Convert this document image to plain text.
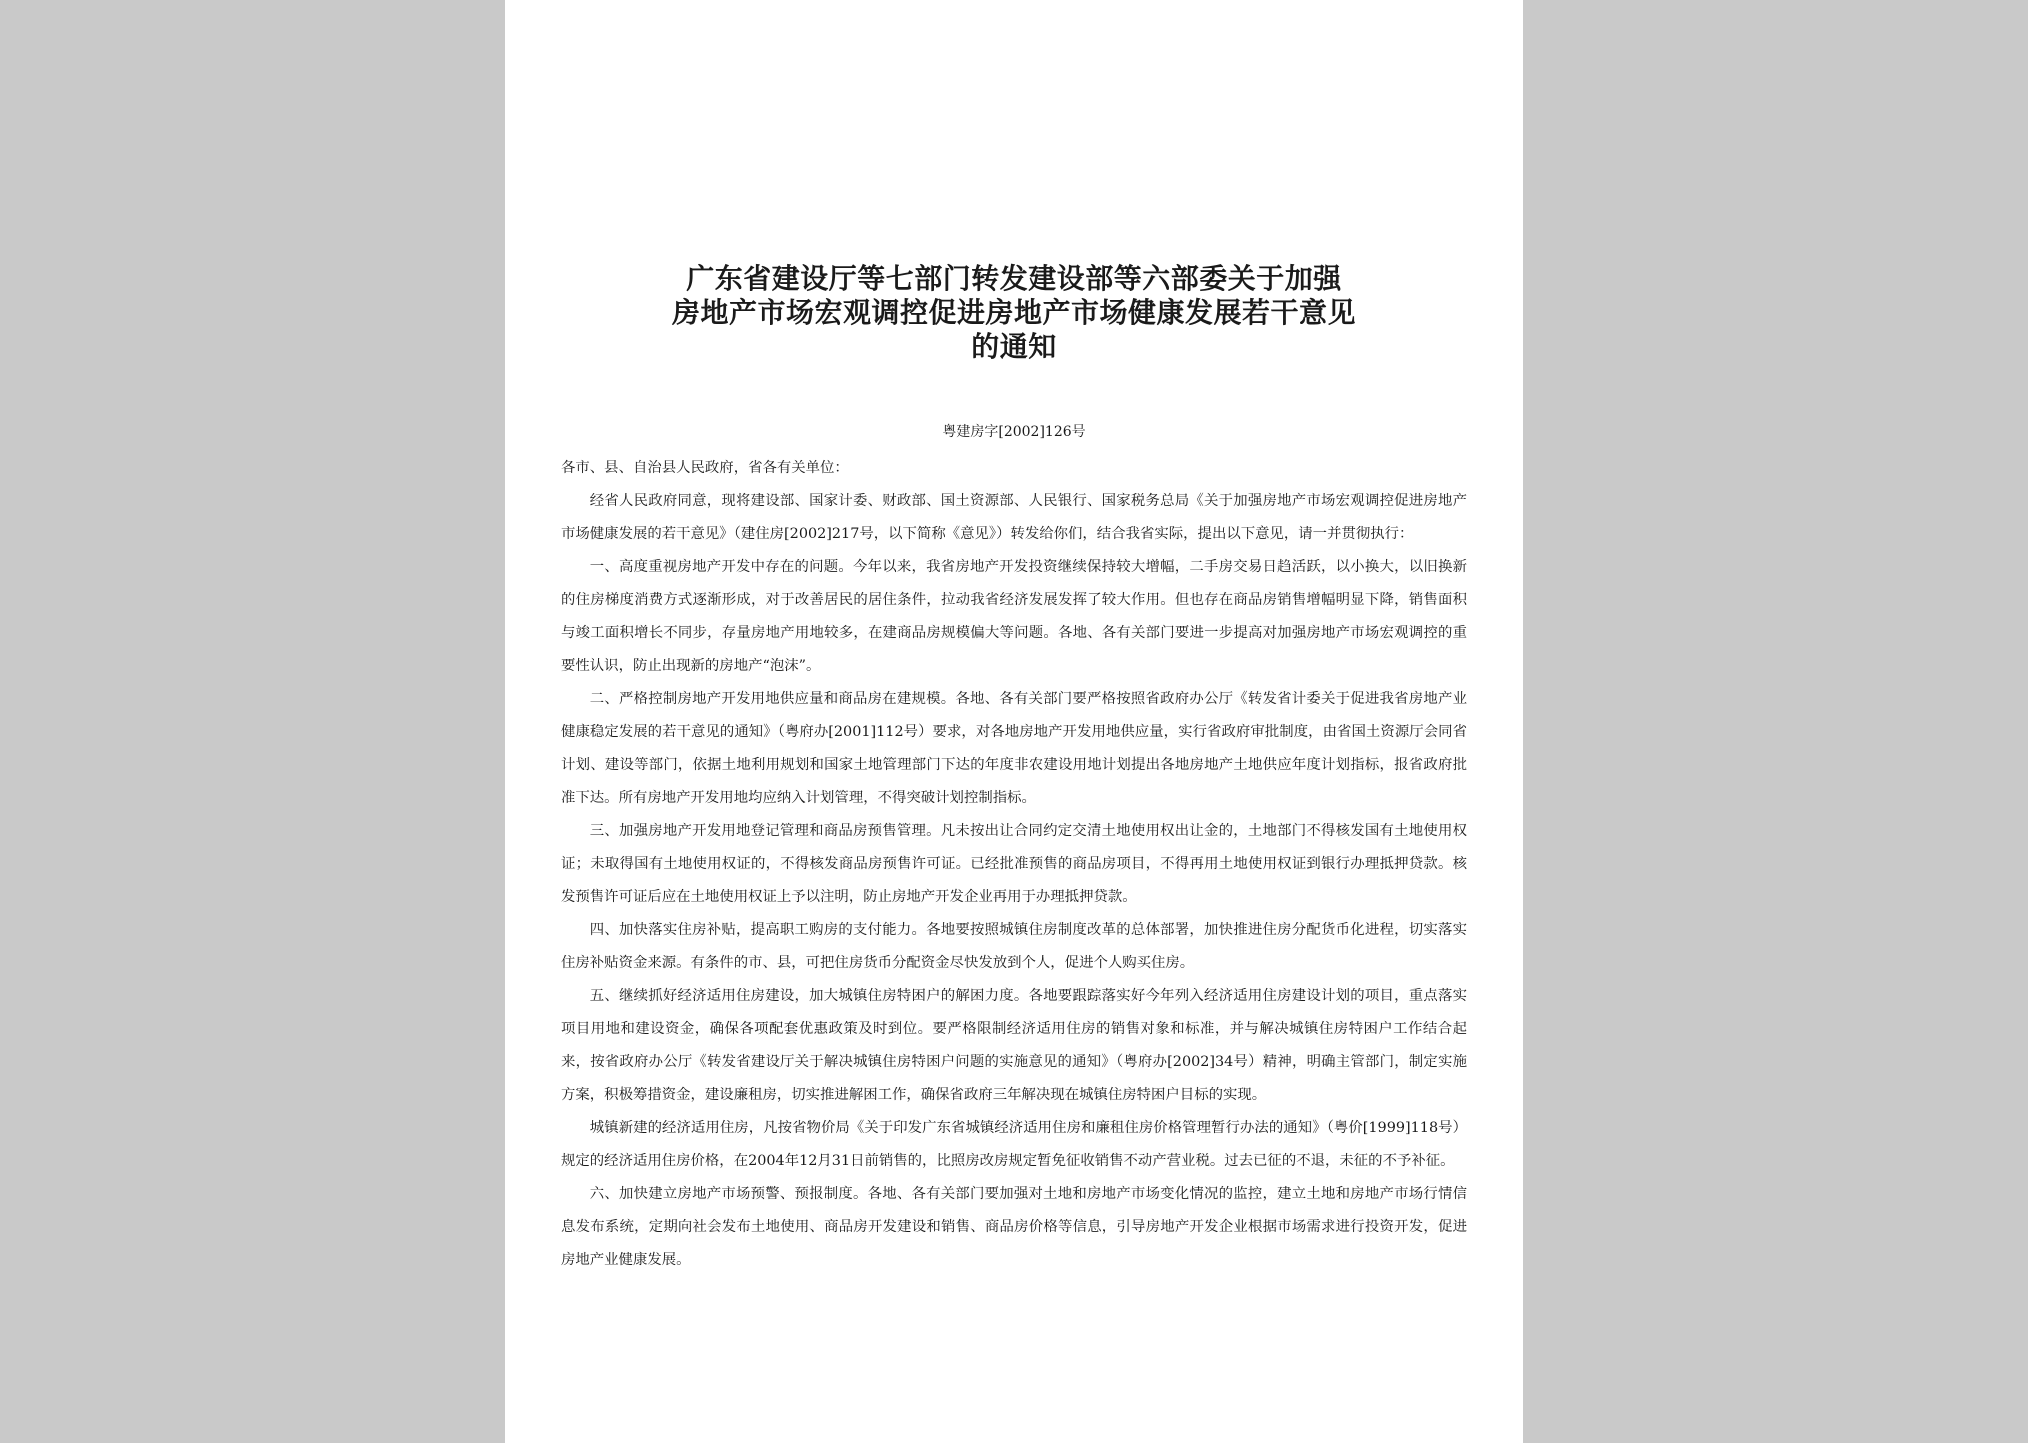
广东省建设厅等七部门转发建设部等六部委关于加强
房地产市场宏观调控促进房地产市场健康发展若干意见
的通知
粤建房字[2002]126号

各市、县、自治县人民政府，省各有关单位：

经省人民政府同意，现将建设部、国家计委、财政部、国土资源部、人民银行、国家税务总局《关于加强房地产市场宏观调控促进房地产市场健康发展的若干意见》（建住房[2002]217号，以下简称《意见》）转发给你们，结合我省实际，提出以下意见，请一并贯彻执行：

一、高度重视房地产开发中存在的问题。今年以来，我省房地产开发投资继续保持较大增幅，二手房交易日趋活跃，以小换大，以旧换新的住房梯度消费方式逐渐形成，对于改善居民的居住条件，拉动我省经济发展发挥了较大作用。但也存在商品房销售增幅明显下降，销售面积与竣工面积增长不同步，存量房地产用地较多，在建商品房规模偏大等问题。各地、各有关部门要进一步提高对加强房地产市场宏观调控的重要性认识，防止出现新的房地产“泡沫”。

二、严格控制房地产开发用地供应量和商品房在建规模。各地、各有关部门要严格按照省政府办公厅《转发省计委关于促进我省房地产业健康稳定发展的若干意见的通知》（粤府办[2001]112号）要求，对各地房地产开发用地供应量，实行省政府审批制度，由省国土资源厅会同省计划、建设等部门，依据土地利用规划和国家土地管理部门下达的年度非农建设用地计划提出各地房地产土地供应年度计划指标，报省政府批准下达。所有房地产开发用地均应纳入计划管理，不得突破计划控制指标。

三、加强房地产开发用地登记管理和商品房预售管理。凡未按出让合同约定交清土地使用权出让金的，土地部门不得核发国有土地使用权证；未取得国有土地使用权证的，不得核发商品房预售许可证。已经批准预售的商品房项目，不得再用土地使用权证到银行办理抵押贷款。核发预售许可证后应在土地使用权证上予以注明，防止房地产开发企业再用于办理抵押贷款。

四、加快落实住房补贴，提高职工购房的支付能力。各地要按照城镇住房制度改革的总体部署，加快推进住房分配货币化进程，切实落实住房补贴资金来源。有条件的市、县，可把住房货币分配资金尽快发放到个人，促进个人购买住房。

五、继续抓好经济适用住房建设，加大城镇住房特困户的解困力度。各地要跟踪落实好今年列入经济适用住房建设计划的项目，重点落实项目用地和建设资金，确保各项配套优惠政策及时到位。要严格限制经济适用住房的销售对象和标准，并与解决城镇住房特困户工作结合起来，按省政府办公厅《转发省建设厅关于解决城镇住房特困户问题的实施意见的通知》（粤府办[2002]34号）精神，明确主管部门，制定实施方案，积极筹措资金，建设廉租房，切实推进解困工作，确保省政府三年解决现在城镇住房特困户目标的实现。

城镇新建的经济适用住房，凡按省物价局《关于印发广东省城镇经济适用住房和廉租住房价格管理暂行办法的通知》（粤价[1999]118号）规定的经济适用住房价格，在2004年12月31日前销售的，比照房改房规定暂免征收销售不动产营业税。过去已征的不退，未征的不予补征。

六、加快建立房地产市场预警、预报制度。各地、各有关部门要加强对土地和房地产市场变化情况的监控，建立土地和房地产市场行情信息发布系统，定期向社会发布土地使用、商品房开发建设和销售、商品房价格等信息，引导房地产开发企业根据市场需求进行投资开发，促进房地产业健康发展。
